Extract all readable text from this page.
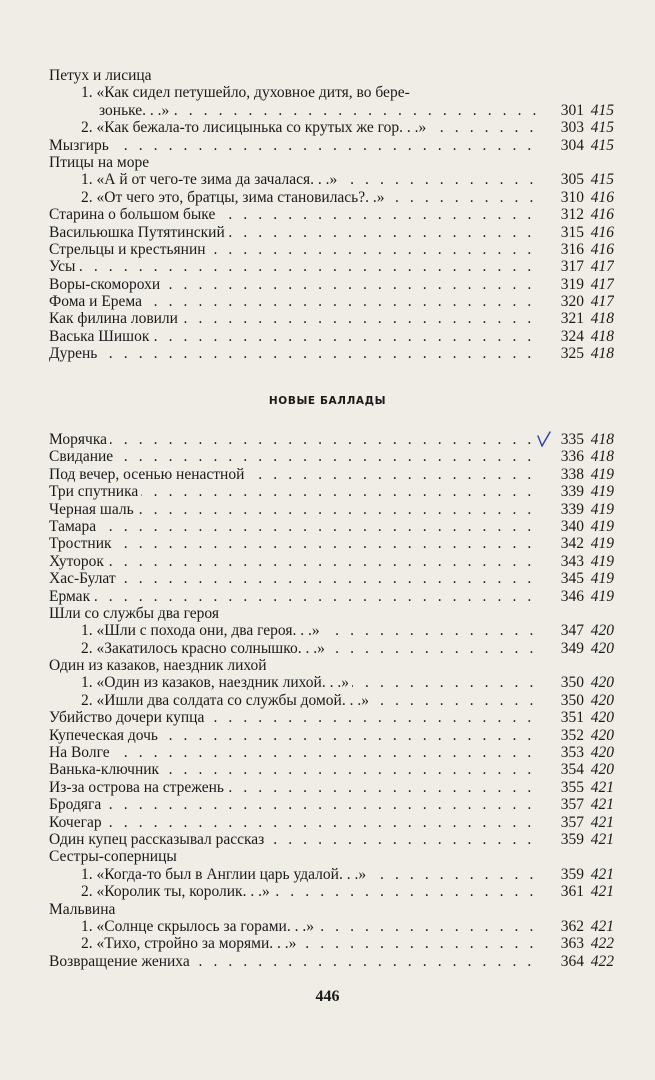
Петух и лисица
1. «Как сидел петушейло, духовное дитя, во бере-
зоньке. . .» . . .	301 415
2. «Как бежала-то лисицынька со крутых же гор. . .» . . .	303 415
Мызгирь . . .	304 415
Птицы на море
1. «А й от чего-те зима да зачалася. . .» . . .	305 415
2. «От чего это, братцы, зима становилась?. .» . . .	310 416
Старина о большом быке . . .	312 416
Васильюшка Путятинский . . .	315 416
Стрельцы и крестьянин . . .	316 416
Усы . . .	317 417
Воры-скоморохи . . .	319 417
Фома и Ерема . . .	320 417
Как филина ловили . . .	321 418
Васька Шишок . . .	324 418
Дурень . . .	325 418
НОВЫЕ БАЛЛАДЫ
Морячка . . .	335 418
Свидание . . .	336 418
Под вечер, осенью ненастной . . .	338 419
Три спутника . . .	339 419
Черная шаль . . .	339 419
Тамара . . .	340 419
Тростник . . .	342 419
Хуторок . . .	343 419
Хас-Булат . . .	345 419
Ермак . . .	346 419
Шли со службы два героя
1. «Шли с похода они, два героя. . .» . . .	347 420
2. «Закатилось красно солнышко. . .» . . .	349 420
Один из казаков, наездник лихой
1. «Один из казаков, наездник лихой. . .» . . .	350 420
2. «Ишли два солдата со службы домой. . .» . . .	350 420
Убийство дочери купца . . .	351 420
Купеческая дочь . . .	352 420
На Волге . . .	353 420
Ванька-ключник . . .	354 420
Из-за острова на стрежень . . .	355 421
Бродяга . . .	357 421
Кочегар . . .	357 421
Один купец рассказывал рассказ . . .	359 421
Сестры-соперницы
1. «Когда-то был в Англии царь удалой. . .» . . .	359 421
2. «Королик ты, королик. . .» . . .	361 421
Мальвина
1. «Солнце скрылось за горами. . .» . . .	362 421
2. «Тихо, стройно за морями. . .» . . .	363 422
Возвращение жениха . . .	364 422
446
